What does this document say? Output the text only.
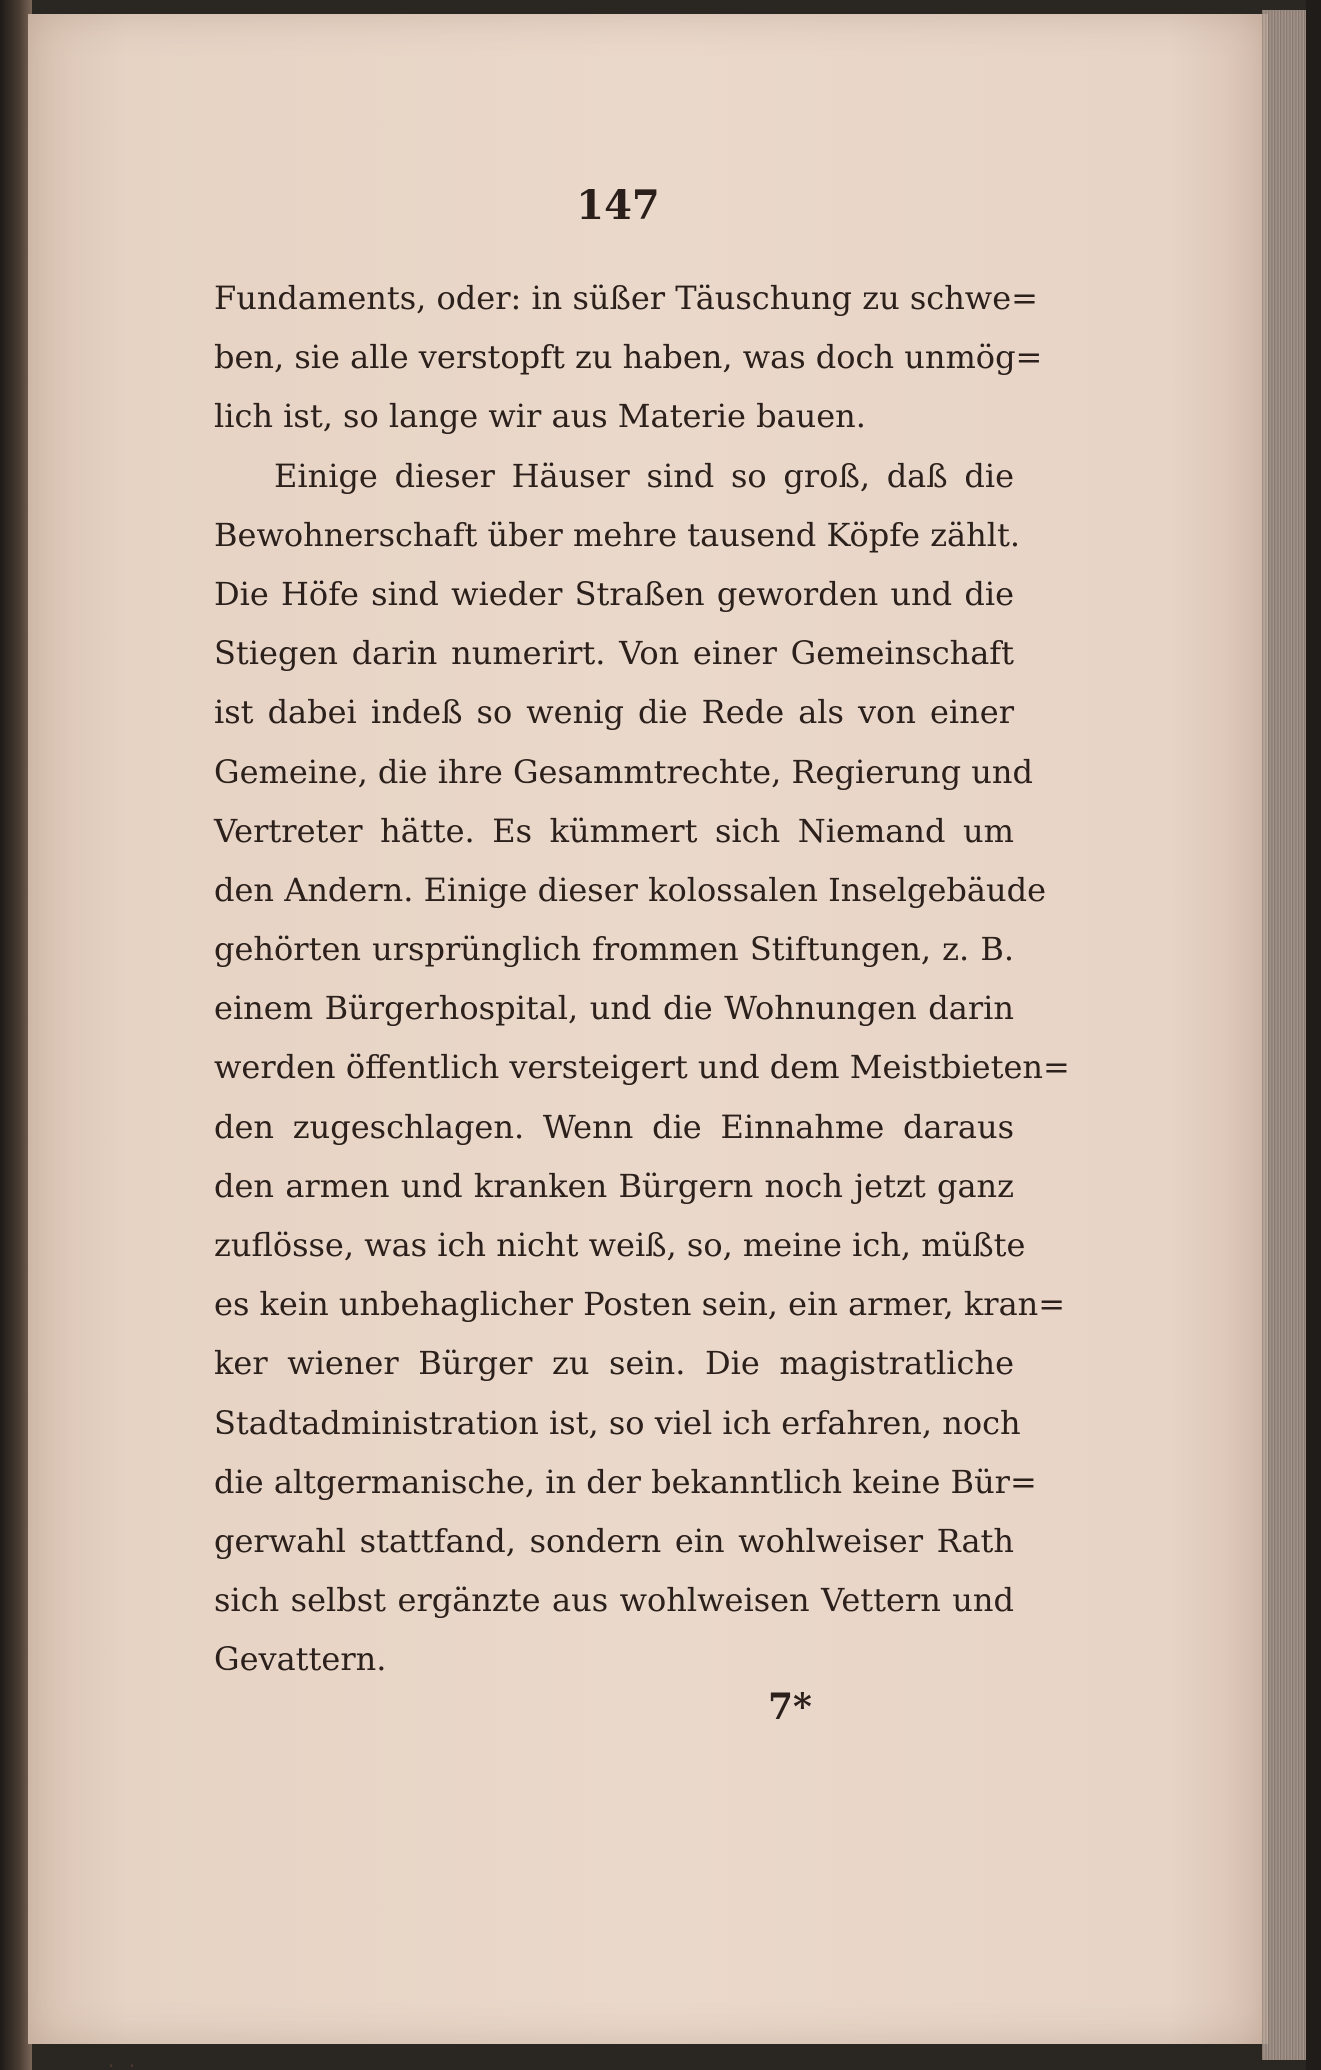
147
Fundaments, oder: in süßer Täuschung zu schwe=
ben, sie alle verstopft zu haben, was doch unmög=
lich ist, so lange wir aus Materie bauen.
Einige dieser Häuser sind so groß, daß die
Bewohnerschaft über mehre tausend Köpfe zählt.
Die Höfe sind wieder Straßen geworden und die
Stiegen darin numerirt. Von einer Gemeinschaft
ist dabei indeß so wenig die Rede als von einer
Gemeine, die ihre Gesammtrechte, Regierung und
Vertreter hätte. Es kümmert sich Niemand um
den Andern. Einige dieser kolossalen Inselgebäude
gehörten ursprünglich frommen Stiftungen, z. B.
einem Bürgerhospital, und die Wohnungen darin
werden öffentlich versteigert und dem Meistbieten=
den zugeschlagen. Wenn die Einnahme daraus
den armen und kranken Bürgern noch jetzt ganz
zuflösse, was ich nicht weiß, so, meine ich, müßte
es kein unbehaglicher Posten sein, ein armer, kran=
ker wiener Bürger zu sein. Die magistratliche
Stadtadministration ist, so viel ich erfahren, noch
die altgermanische, in der bekanntlich keine Bür=
gerwahl stattfand, sondern ein wohlweiser Rath
sich selbst ergänzte aus wohlweisen Vettern und
Gevattern.
7*
· ·
